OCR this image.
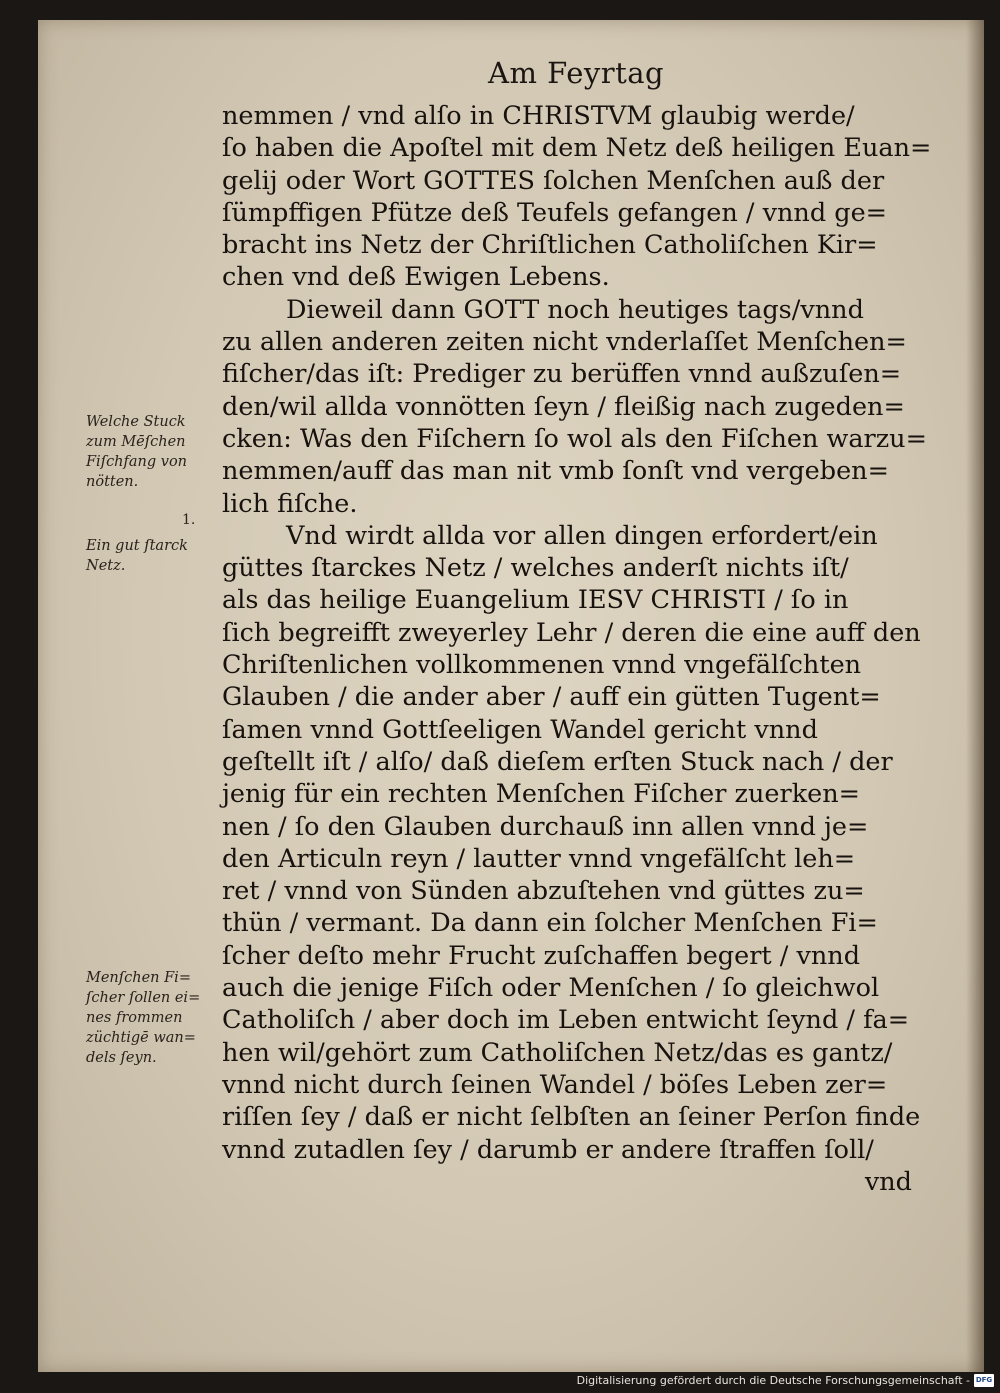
Am Feyrtag
nemmen / vnd alſo in CHRISTVM glaubig werde/
ſo haben die Apoſtel mit dem Netz deß heiligen Euan=
gelij oder Wort GOTTES ſolchen Menſchen auß der
ſümpffigen Pfütze deß Teufels gefangen / vnnd ge=
bracht ins Netz der Chriſtlichen Catholiſchen Kir=
chen vnd deß Ewigen Lebens.
Dieweil dann GOTT noch heutiges tags/vnnd
zu allen anderen zeiten nicht vnderlaſſet Menſchen=
fiſcher/das iſt: Prediger zu berüffen vnnd außzuſen=
den/wil allda vonnötten ſeyn / fleißig nach zugeden=
cken: Was den Fiſchern ſo wol als den Fiſchen warzu=
nemmen/auff das man nit vmb ſonſt vnd vergeben=
lich fiſche.
Vnd wirdt allda vor allen dingen erfordert/ein
güttes ſtarckes Netz / welches anderſt nichts iſt/
als das heilige Euangelium IESV CHRISTI / ſo in
ſich begreifft zweyerley Lehr / deren die eine auff den
Chriſtenlichen vollkommenen vnnd vngefälſchten
Glauben / die ander aber / auff ein gütten Tugent=
ſamen vnnd Gottſeeligen Wandel gericht vnnd
geſtellt iſt / alſo/ daß dieſem erſten Stuck nach / der
jenig für ein rechten Menſchen Fiſcher zuerken=
nen / ſo den Glauben durchauß inn allen vnnd je=
den Articuln reyn / lautter vnnd vngefälſcht leh=
ret / vnnd von Sünden abzuſtehen vnd güttes zu=
thün / vermant. Da dann ein ſolcher Menſchen Fi=
ſcher deſto mehr Frucht zuſchaffen begert / vnnd
auch die jenige Fiſch oder Menſchen / ſo gleichwol
Catholiſch / aber doch im Leben entwicht ſeynd / fa=
hen wil/gehört zum Catholiſchen Netz/das es gantz/
vnnd nicht durch ſeinen Wandel / böſes Leben zer=
riſſen ſey / daß er nicht ſelbſten an ſeiner Perſon finde
vnnd zutadlen ſey / darumb er andere ſtraffen ſoll/
vnd
Welche Stuck
zum Mēſchen
Fiſchfang von
nötten.
1.
Ein gut ſtarck
Netz.
Menſchen Fi=
ſcher ſollen ei=
nes frommen
züchtigē wan=
dels ſeyn.
Digitalisierung gefördert durch die Deutsche Forschungsgemeinschaft - DFG
